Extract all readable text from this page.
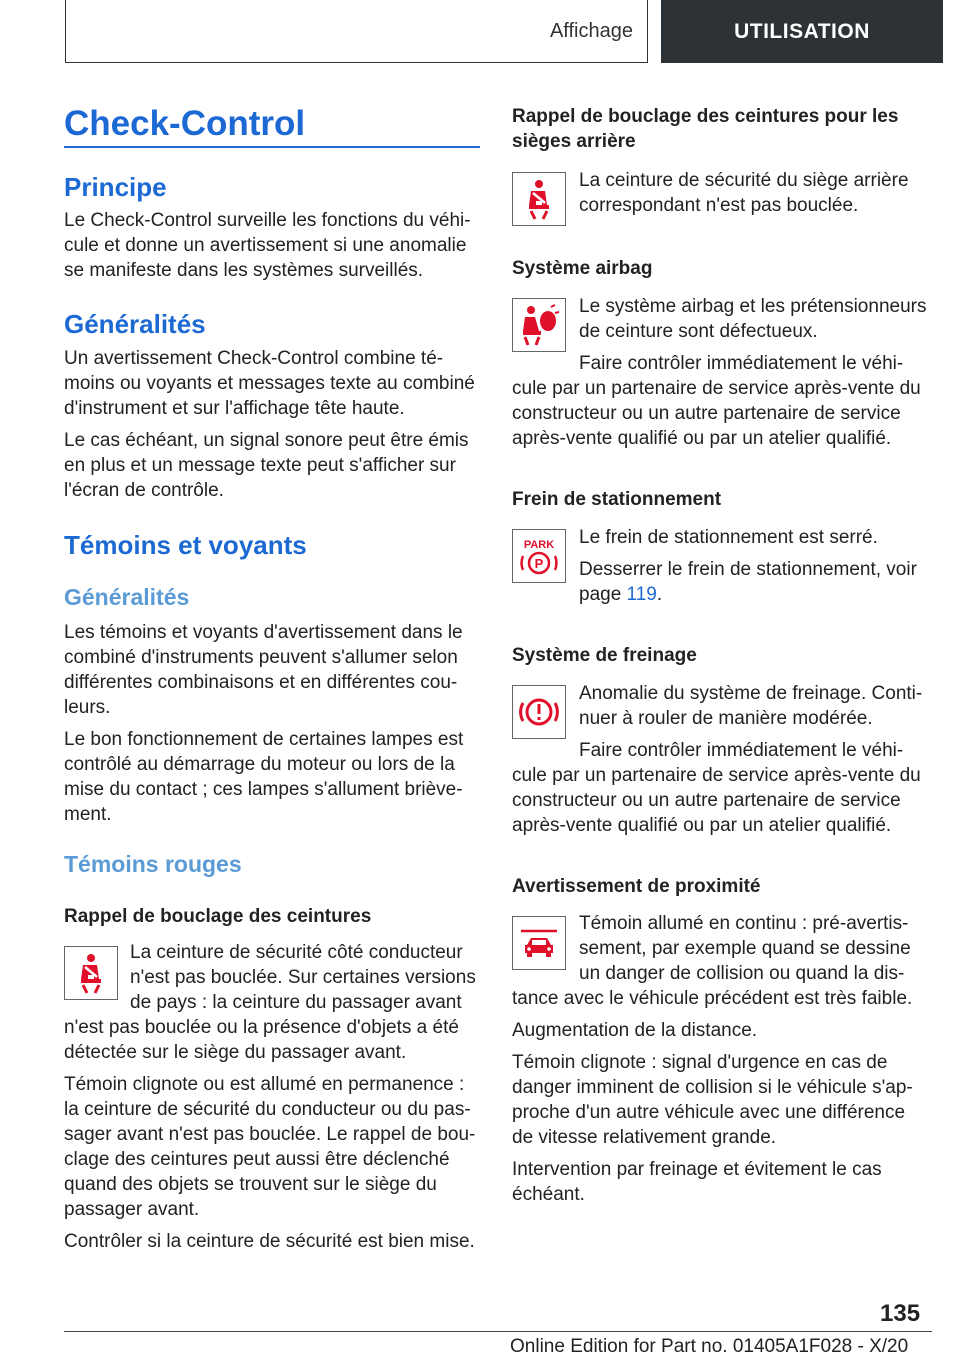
Affichage	UTILISATION
Check-Control
Principe

Le Check-Control surveille les fonctions du véhi-

cule et donne un avertissement si une anomalie

se manifeste dans les systèmes surveillés.

Généralités

Un avertissement Check-Control combine té-

moins ou voyants et messages texte au combiné

d'instrument et sur l'affichage tête haute.

Le cas échéant, un signal sonore peut être émis

en plus et un message texte peut s'afficher sur

l'écran de contrôle.

Témoins et voyants
Généralités

Les témoins et voyants d'avertissement dans le

combiné d'instruments peuvent s'allumer selon

différentes combinaisons et en différentes cou-

leurs.

Le bon fonctionnement de certaines lampes est

contrôlé au démarrage du moteur ou lors de la

mise du contact ; ces lampes s'allument briève-

ment.

Témoins rouges
Rappel de bouclage des ceintures

La ceinture de sécurité côté conducteur

n'est pas bouclée. Sur certaines versions

de pays : la ceinture du passager avant

n'est pas bouclée ou la présence d'objets a été

détectée sur le siège du passager avant.

Témoin clignote ou est allumé en permanence :

la ceinture de sécurité du conducteur ou du pas-

sager avant n'est pas bouclée. Le rappel de bou-

clage des ceintures peut aussi être déclenché

quand des objets se trouvent sur le siège du

passager avant.

Contrôler si la ceinture de sécurité est bien mise.

Rappel de bouclage des ceintures pour les

sièges arrière

La ceinture de sécurité du siège arrière

correspondant n'est pas bouclée.

Système airbag

Le système airbag et les prétensionneurs

de ceinture sont défectueux.

Faire contrôler immédiatement le véhi-

cule par un partenaire de service après-vente du

constructeur ou un autre partenaire de service

après-vente qualifié ou par un atelier qualifié.

Frein de stationnement
PARK
P

Le frein de stationnement est serré.

Desserrer le frein de stationnement, voir

page 119.

Système de freinage

Anomalie du système de freinage. Conti-

nuer à rouler de manière modérée.

Faire contrôler immédiatement le véhi-

cule par un partenaire de service après-vente du

constructeur ou un autre partenaire de service

après-vente qualifié ou par un atelier qualifié.

Avertissement de proximité

Témoin allumé en continu : pré-avertis-

sement, par exemple quand se dessine

un danger de collision ou quand la dis-

tance avec le véhicule précédent est très faible.

Augmentation de la distance.

Témoin clignote : signal d'urgence en cas de

danger imminent de collision si le véhicule s'ap-

proche d'un autre véhicule avec une différence

de vitesse relativement grande.

Intervention par freinage et évitement le cas

échéant.

135
Online Edition for Part no. 01405A1F028 - X/20
